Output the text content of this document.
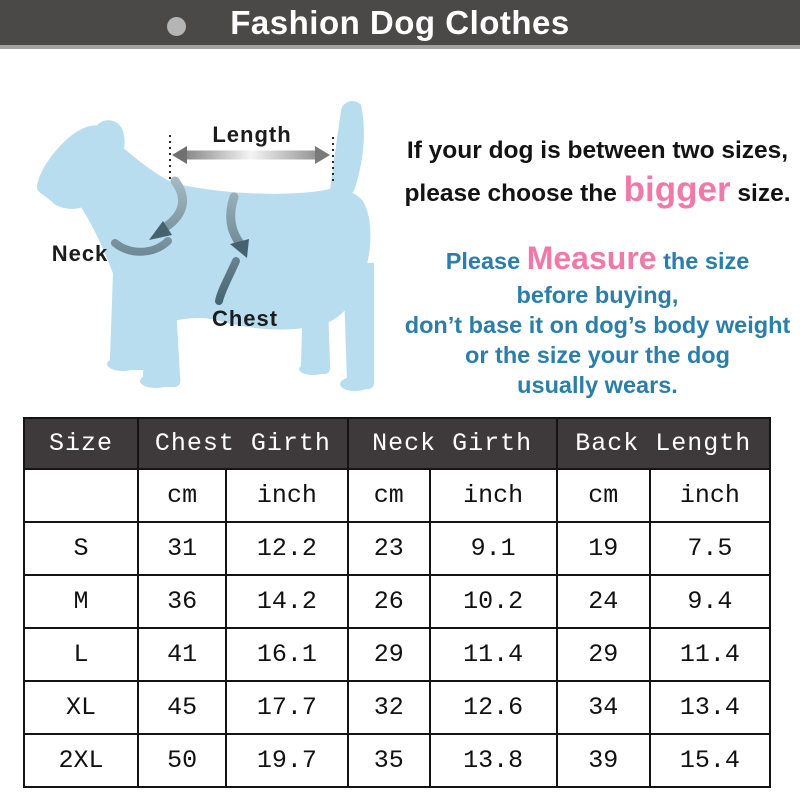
Fashion Dog Clothes
Length
Neck
Chest
If your dog is between two sizes,
please choose the bigger size.
Please Measure the size
before buying,
don’t base it on dog’s body weight
or the size your the dog
usually wears.
Size	Chest Girth		Neck Girth		Back Length	
	cm	inch	cm	inch	cm	inch
S	31	12.2	23	9.1	19	7.5
M	36	14.2	26	10.2	24	9.4
L	41	16.1	29	11.4	29	11.4
XL	45	17.7	32	12.6	34	13.4
2XL	50	19.7	35	13.8	39	15.4
